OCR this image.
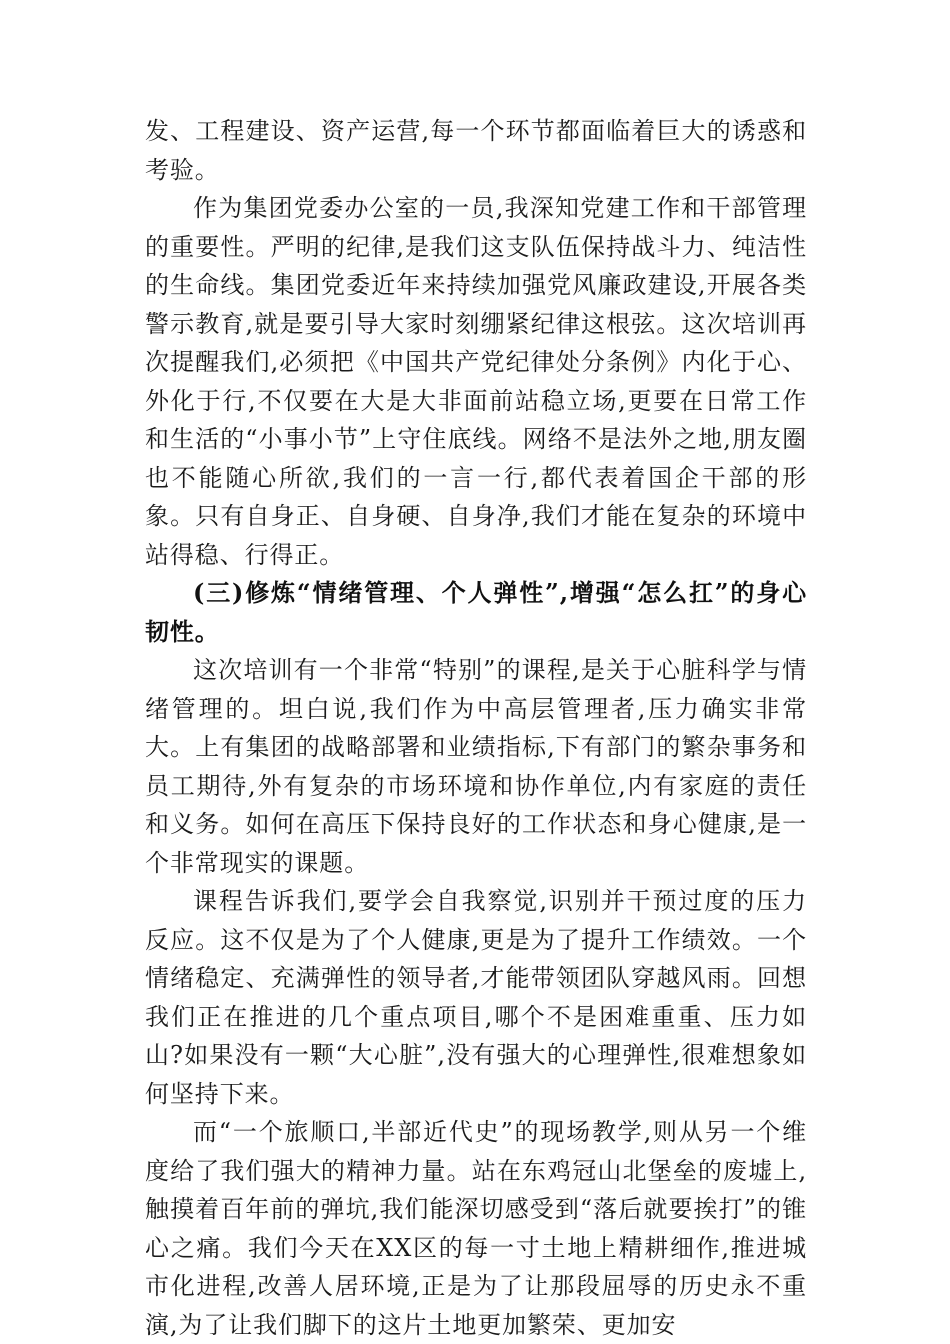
发、工程建设、资产运营,每一个环节都面临着巨大的诱惑和考验。

作为集团党委办公室的一员,我深知党建工作和干部管理的重要性。严明的纪律,是我们这支队伍保持战斗力、纯洁性的生命线。集团党委近年来持续加强党风廉政建设,开展各类警示教育,就是要引导大家时刻绷紧纪律这根弦。这次培训再次提醒我们,必须把《中国共产党纪律处分条例》内化于心、外化于行,不仅要在大是大非面前站稳立场,更要在日常工作和生活的“小事小节”上守住底线。网络不是法外之地,朋友圈也不能随心所欲,我们的一言一行,都代表着国企干部的形象。只有自身正、自身硬、自身净,我们才能在复杂的环境中站得稳、行得正。

(三)修炼“情绪管理、个人弹性”,增强“怎么扛”的身心韧性。

这次培训有一个非常“特别”的课程,是关于心脏科学与情绪管理的。坦白说,我们作为中高层管理者,压力确实非常大。上有集团的战略部署和业绩指标,下有部门的繁杂事务和员工期待,外有复杂的市场环境和协作单位,内有家庭的责任和义务。如何在高压下保持良好的工作状态和身心健康,是一个非常现实的课题。

课程告诉我们,要学会自我察觉,识别并干预过度的压力反应。这不仅是为了个人健康,更是为了提升工作绩效。一个情绪稳定、充满弹性的领导者,才能带领团队穿越风雨。回想我们正在推进的几个重点项目,哪个不是困难重重、压力如山?如果没有一颗“大心脏”,没有强大的心理弹性,很难想象如何坚持下来。

而“一个旅顺口,半部近代史”的现场教学,则从另一个维度给了我们强大的精神力量。站在东鸡冠山北堡垒的废墟上,触摸着百年前的弹坑,我们能深切感受到“落后就要挨打”的锥心之痛。我们今天在XX区的每一寸土地上精耕细作,推进城市化进程,改善人居环境,正是为了让那段屈辱的历史永不重演,为了让我们脚下的这片土地更加繁荣、更加安
